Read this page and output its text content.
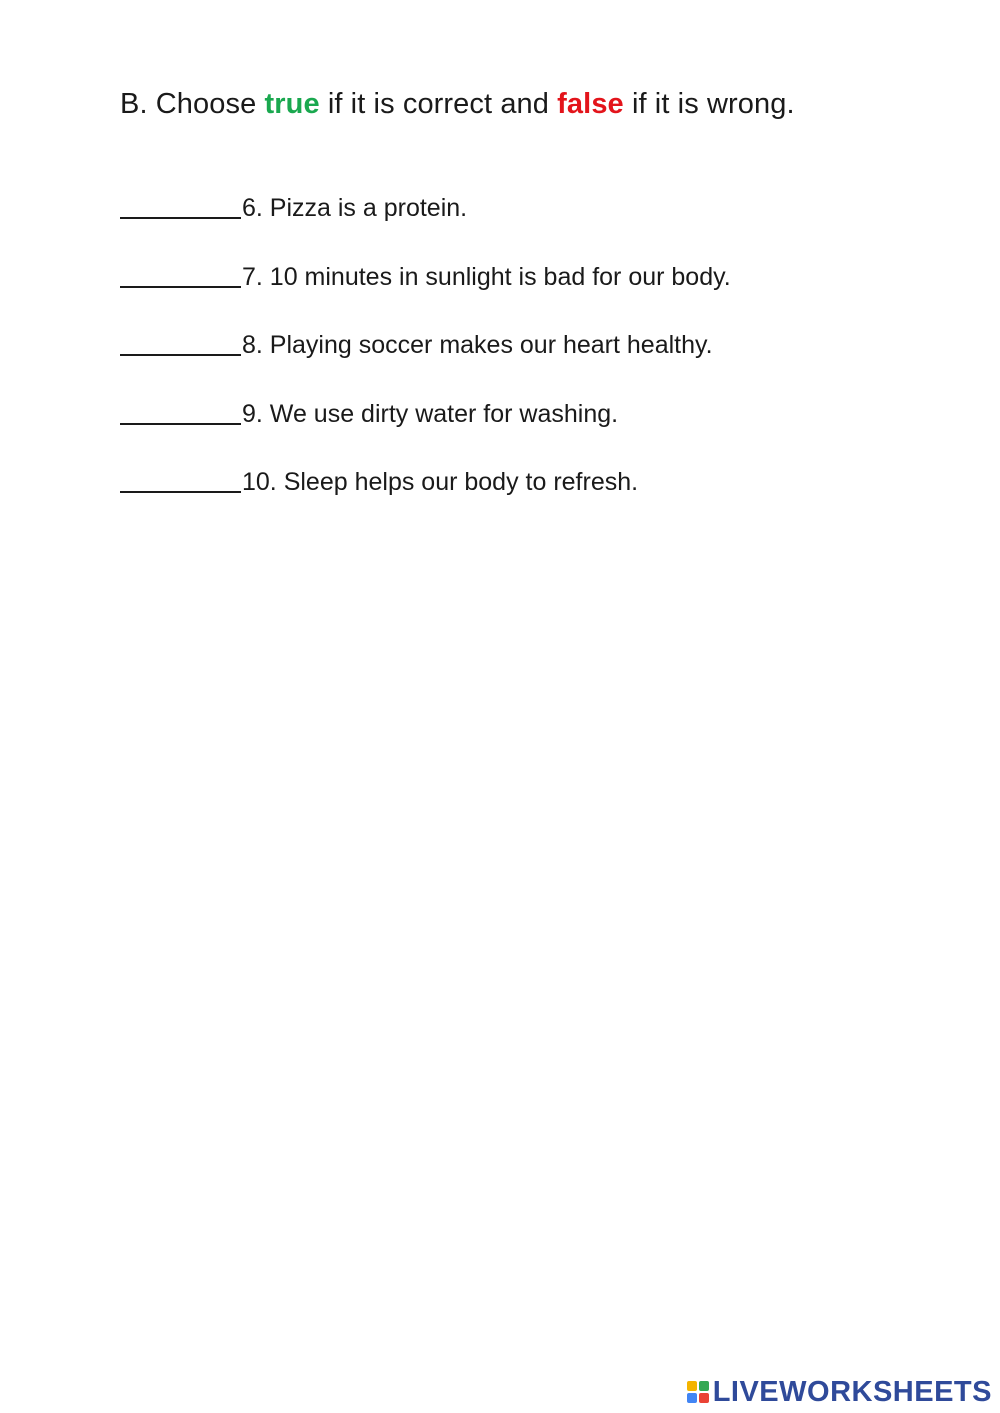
B. Choose true if it is correct and false if it is wrong.
6. Pizza is a protein.
7. 10 minutes in sunlight is bad for our body.
8. Playing soccer makes our heart healthy.
9. We use dirty water for washing.
10. Sleep helps our body to refresh.
LIVEWORKSHEETS
